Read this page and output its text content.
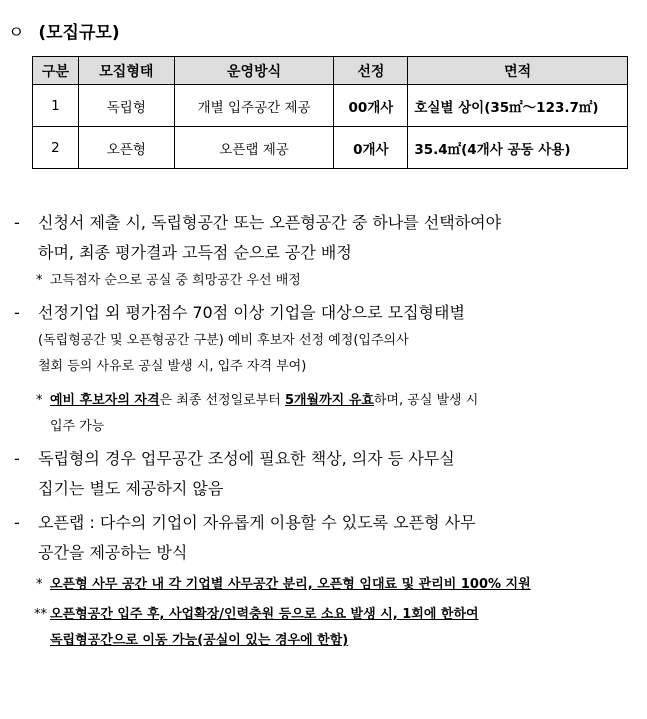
ㅇ (모집규모)
구분	모집형태	운영방식	선정	면적
1	독립형	개별 입주공간 제공	00개사	호실별 상이(35㎡～123.7㎡)
2	오픈형	오픈랩 제공	0개사	35.4㎡(4개사 공동 사용)
- 신청서 제출 시, 독립형공간 또는 오픈형공간 중 하나를 선택하여야
하며, 최종 평가결과 고득점 순으로 공간 배정
* 고득점자 순으로 공실 중 희망공간 우선 배정
- 선정기업 외 평가점수 70점 이상 기업을 대상으로 모집형태별
(독립형공간 및 오픈형공간 구분) 예비 후보자 선정 예정(입주의사
철회 등의 사유로 공실 발생 시, 입주 자격 부여)
* 예비 후보자의 자격은 최종 선정일로부터 5개월까지 유효하며, 공실 발생 시
입주 가능
- 독립형의 경우 업무공간 조성에 필요한 책상, 의자 등 사무실
집기는 별도 제공하지 않음
- 오픈랩 : 다수의 기업이 자유롭게 이용할 수 있도록 오픈형 사무
공간을 제공하는 방식
* 오픈형 사무 공간 내 각 기업별 사무공간 분리, 오픈형 임대료 및 관리비 100% 지원
** 오픈형공간 입주 후, 사업확장/인력충원 등으로 소요 발생 시, 1회에 한하여
독립형공간으로 이동 가능(공실이 있는 경우에 한함)
